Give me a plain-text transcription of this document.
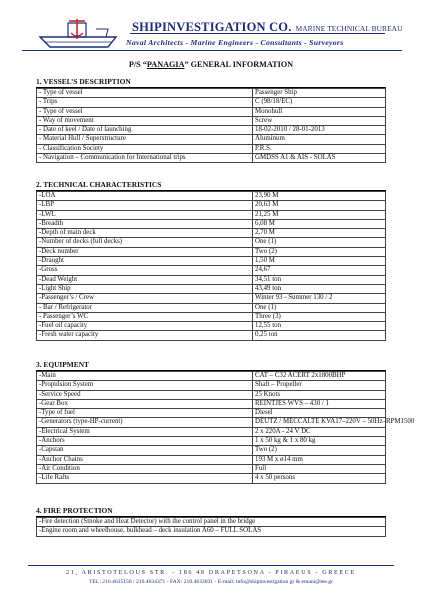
SHIPINVESTIGATION CO. MARINE TECHNICAL BUREAU
Naval Architects - Marine Engineers - Consultants - Surveyors
P/S “PANAGIA” GENERAL INFORMATION
1. VESSEL’S DESCRIPTION
- Type of vessel	Passenger Ship
- Trips	C (98/18/EC)
- Type of vessel	Monohull
- Way of movement	Screw
- Date of keel / Date of launching	18-02-2010 / 28-01-2013
- Material Hull / Superstructure	Aluminum
- Classification Society	P.R.S.
- Navigation – Communication for International trips	GMDSS A1 & AIS - SOLAS
2. TECHNICAL CHARACTERISTICS
-LOA	23,90 M
-LBP	20,63 M
-LWL	21,25 M
-Breadth	6,08 M
-Depth of main deck	2,70 M
-Number of decks (full decks)	One (1)
-Deck number	Two (2)
-Draught	1,50 M
-Gross	24,67
-Dead Weight	34,51 ton
-Light Ship	43,49 ton
-Passenger’s / Crew	Winter 93 - Summer 130 / 2
- Bar / Refrigerator	One (1)
- Passenger’s WC	Three (3)
-Fuel oil capacity	12,55 ton
-Fresh water capacity	0,25 ton
3. EQUIPMENT
-Main	CAT – C32 ACERT 2x1800BHP
-Propulsion System	Shaft – Propeller
-Service Speed	25 Knots
-Gear Box	REINTJES WVS – 430 / 1
-Type of fuel	Diesel
-Generators (type-HP-current)	DEUTZ / MECCALTE KVA17–220V – 50Hz–RPM1500
-Electrical System	2 x 220A - 24 V DC
-Anchors	1 x 50 kg & 1 x 80 kg
-Capstan	Two (2)
-Anchor Chains	193 M x ø14 mm
-Air Condition	Full
-Life Rafts	4 x 50 persons
4. FIRE PROTECTION
-Fire detection (Smoke and Heat Detector) with the control panel in the bridge
-Engine room and wheelhouse, bulkhead – deck insulation A60 – FULL SOLAS
21, ARISTOTELOUS STR. - 186 48 DRAPETSONA - PIRAEUS - GREECE
TEL: 210.4635150 / 210.4634371 - FAX: 210.4633031 - E-mail: info@shipinvestigation.gr & emani@tee.gr
